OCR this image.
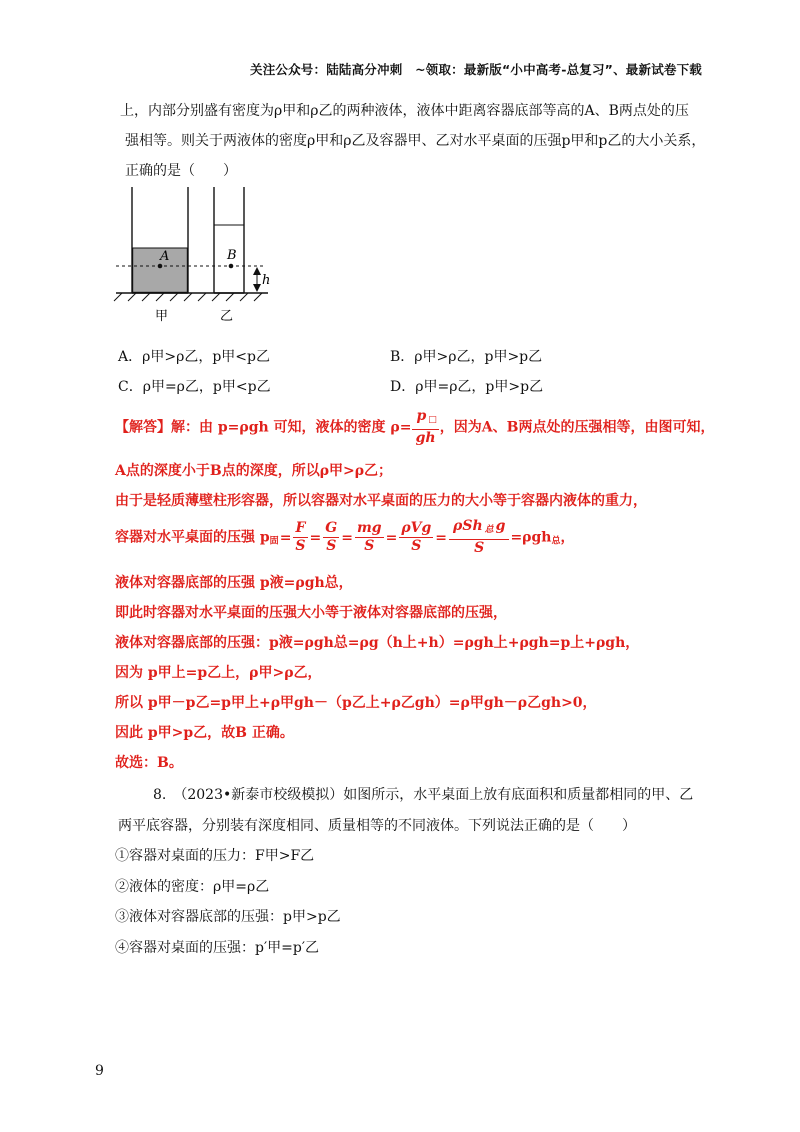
关注公众号：陆陆高分冲刺　~领取：最新版“小中高考-总复习”、最新试卷下载
上，内部分别盛有密度为ρ甲和ρ乙的两种液体，液体中距离容器底部等高的A、B两点处的压
强相等。则关于两液体的密度ρ甲和ρ乙及容器甲、乙对水平桌面的压强p甲和p乙的大小关系，
正确的是（　　）
A	B
h
甲	乙
A．ρ甲>ρ乙，p甲<p乙	B．ρ甲>ρ乙，p甲>p乙
C．ρ甲=ρ乙，p甲<p乙	D．ρ甲=ρ乙，p甲>p乙
【解答】解：由 p=ρgh 可知，液体的密度 $\rho= \frac{p _□}{gh}$ ，因为A、B两点处的压强相等，由图可知，
A点的深度小于B点的深度，所以ρ甲>ρ乙；
由于是轻质薄壁柱形容器，所以容器对水平桌面的压力的大小等于容器内液体的重力，
容器对水平桌面的压强 $p_固= \frac{F}{S} = \frac{G}{S} = \frac{mg}{S} = \frac{\text{ρVg}}{S} = \frac{\rho Sh _总 g}{S} =\rho gh_总$，
液体对容器底部的压强 p液=ρgh总，
即此时容器对水平桌面的压强大小等于液体对容器底部的压强，
液体对容器底部的压强：p液=ρgh总=ρg（h上+h）=ρgh上+ρgh=p上+ρgh，
因为 p甲上=p乙上，ρ甲>ρ乙，
所以 p甲－p乙=p甲上+ρ甲gh－（p乙上+ρ乙gh）=ρ甲gh－ρ乙gh>0，
因此 p甲>p乙，故B 正确。
故选：B。
8.　（2023•新泰市校级模拟）如图所示，水平桌面上放有底面积和质量都相同的甲、乙
两平底容器，分别装有深度相同、质量相等的不同液体。下列说法正确的是（　　）
①容器对桌面的压力：F甲>F乙
②液体的密度：ρ甲=ρ乙
③液体对容器底部的压强：p甲>p乙
④容器对桌面的压强：p′甲=p′乙
9
